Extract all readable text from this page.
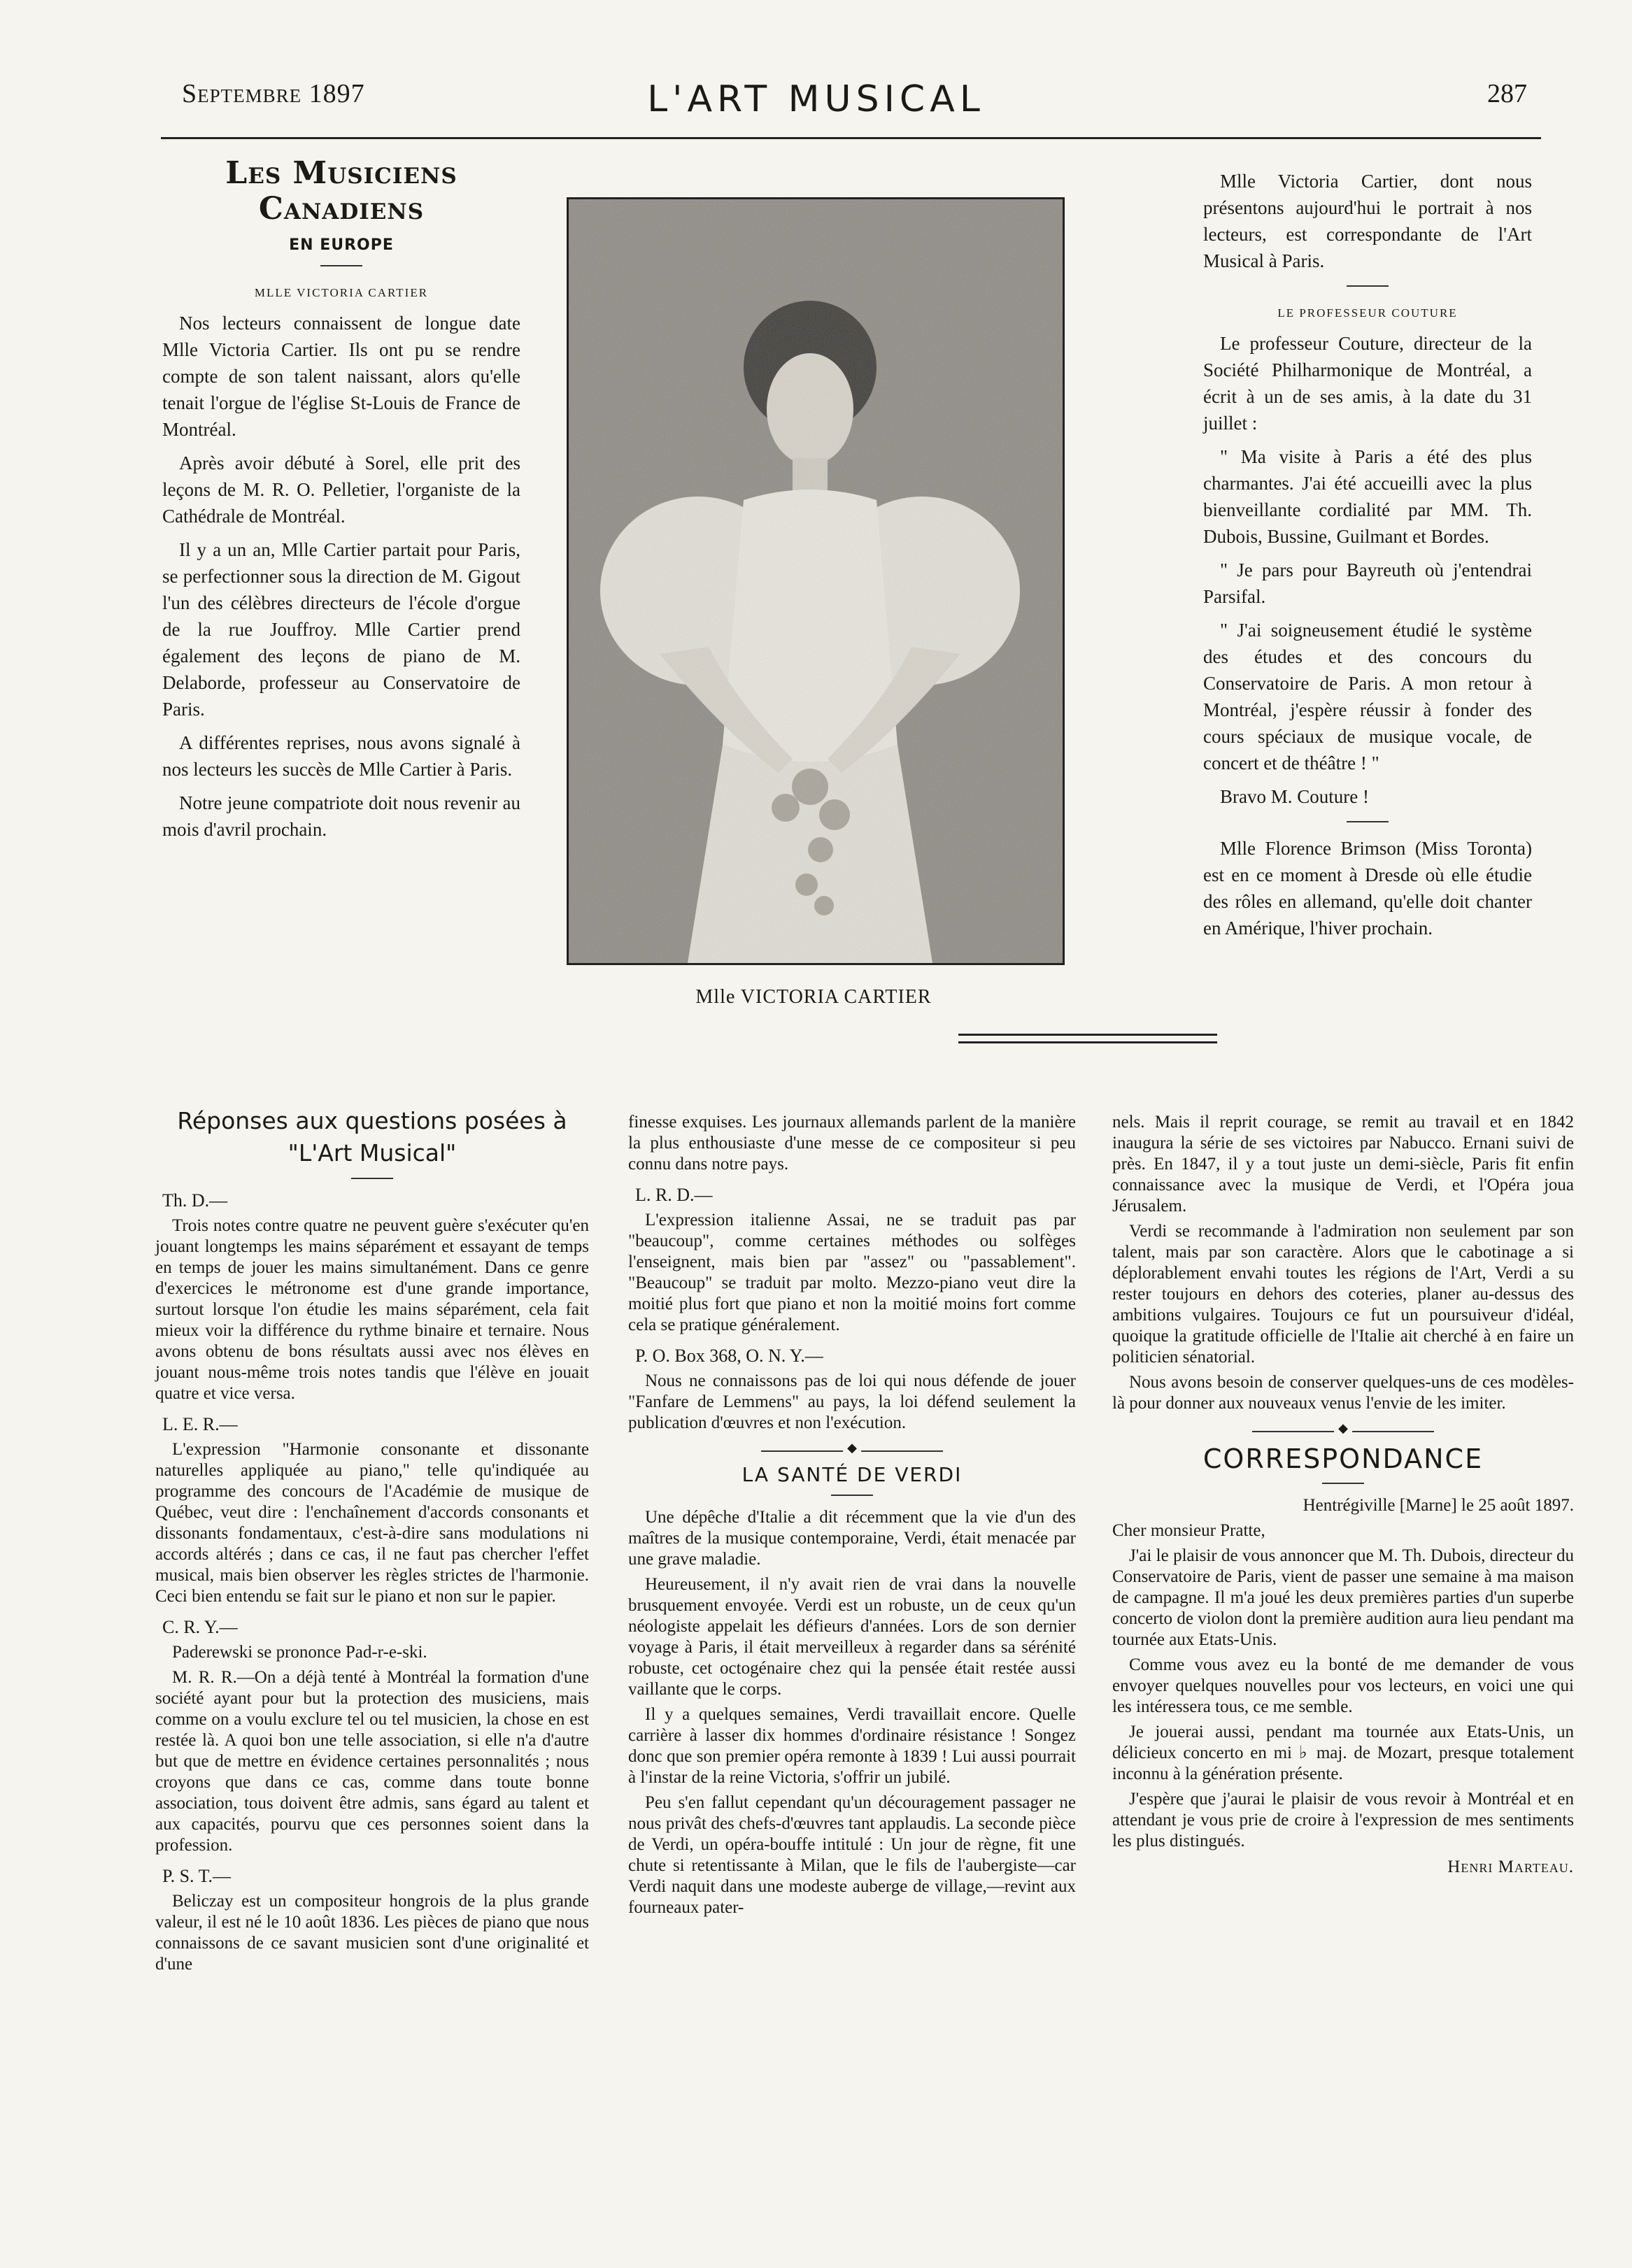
Septembre 1897	L'ART MUSICAL	287
Les Musiciens Canadiens
EN EUROPE
MLLE VICTORIA CARTIER

Nos lecteurs connaissent de longue date Mlle Victoria Cartier. Ils ont pu se rendre compte de son talent naissant, alors qu'elle tenait l'orgue de l'église St-Louis de France de Montréal.

Après avoir débuté à Sorel, elle prit des leçons de M. R. O. Pelletier, l'organiste de la Cathédrale de Montréal.

Il y a un an, Mlle Cartier partait pour Paris, se perfectionner sous la direction de M. Gigout l'un des célèbres directeurs de l'école d'orgue de la rue Jouffroy. Mlle Cartier prend également des leçons de piano de M. Delaborde, professeur au Conservatoire de Paris.

A différentes reprises, nous avons signalé à nos lecteurs les succès de Mlle Cartier à Paris.

Notre jeune compatriote doit nous revenir au mois d'avril prochain.

Mlle VICTORIA CARTIER

Mlle Victoria Cartier, dont nous présentons aujourd'hui le portrait à nos lecteurs, est correspondante de l'Art Musical à Paris.

LE PROFESSEUR COUTURE

Le professeur Couture, directeur de la Société Philharmonique de Montréal, a écrit à un de ses amis, à la date du 31 juillet :

" Ma visite à Paris a été des plus charmantes. J'ai été accueilli avec la plus bienveillante cordialité par MM. Th. Dubois, Bussine, Guilmant et Bordes.

" Je pars pour Bayreuth où j'entendrai Parsifal.

" J'ai soigneusement étudié le système des études et des concours du Conservatoire de Paris. A mon retour à Montréal, j'espère réussir à fonder des cours spéciaux de musique vocale, de concert et de théâtre ! "

Bravo M. Couture !

Mlle Florence Brimson (Miss Toronta) est en ce moment à Dresde où elle étudie des rôles en allemand, qu'elle doit chanter en Amérique, l'hiver prochain.

Réponses aux questions posées à "L'Art Musical"
Th. D.—

Trois notes contre quatre ne peuvent guère s'exécuter qu'en jouant longtemps les mains séparément et essayant de temps en temps de jouer les mains simultanément. Dans ce genre d'exercices le métronome est d'une grande importance, surtout lorsque l'on étudie les mains séparément, cela fait mieux voir la différence du rythme binaire et ternaire. Nous avons obtenu de bons résultats aussi avec nos élèves en jouant nous-même trois notes tandis que l'élève en jouait quatre et vice versa.

L. E. R.—

L'expression "Harmonie consonante et dissonante naturelles appliquée au piano," telle qu'indiquée au programme des concours de l'Académie de musique de Québec, veut dire : l'enchaînement d'accords consonants et dissonants fondamentaux, c'est-à-dire sans modulations ni accords altérés ; dans ce cas, il ne faut pas chercher l'effet musical, mais bien observer les règles strictes de l'harmonie. Ceci bien entendu se fait sur le piano et non sur le papier.

C. R. Y.—

Paderewski se prononce Pad-r-e-ski.

M. R. R.—On a déjà tenté à Montréal la formation d'une société ayant pour but la protection des musiciens, mais comme on a voulu exclure tel ou tel musicien, la chose en est restée là. A quoi bon une telle association, si elle n'a d'autre but que de mettre en évidence certaines personnalités ; nous croyons que dans ce cas, comme dans toute bonne association, tous doivent être admis, sans égard au talent et aux capacités, pourvu que ces personnes soient dans la profession.

P. S. T.—

Beliczay est un compositeur hongrois de la plus grande valeur, il est né le 10 août 1836. Les pièces de piano que nous connaissons de ce savant musicien sont d'une originalité et d'une

finesse exquises. Les journaux allemands parlent de la manière la plus enthousiaste d'une messe de ce compositeur si peu connu dans notre pays.

L. R. D.—

L'expression italienne Assai, ne se traduit pas par "beaucoup", comme certaines méthodes ou solfèges l'enseignent, mais bien par "assez" ou "passablement". "Beaucoup" se traduit par molto. Mezzo-piano veut dire la moitié plus fort que piano et non la moitié moins fort comme cela se pratique généralement.

P. O. Box 368, O. N. Y.—

Nous ne connaissons pas de loi qui nous défende de jouer "Fanfare de Lemmens" au pays, la loi défend seulement la publication d'œuvres et non l'exécution.

◆
LA SANTÉ DE VERDI

Une dépêche d'Italie a dit récemment que la vie d'un des maîtres de la musique contemporaine, Verdi, était menacée par une grave maladie.

Heureusement, il n'y avait rien de vrai dans la nouvelle brusquement envoyée. Verdi est un robuste, un de ceux qu'un néologiste appelait les défieurs d'années. Lors de son dernier voyage à Paris, il était merveilleux à regarder dans sa sérénité robuste, cet octogénaire chez qui la pensée était restée aussi vaillante que le corps.

Il y a quelques semaines, Verdi travaillait encore. Quelle carrière à lasser dix hommes d'ordinaire résistance ! Songez donc que son premier opéra remonte à 1839 ! Lui aussi pourrait à l'instar de la reine Victoria, s'offrir un jubilé.

Peu s'en fallut cependant qu'un découragement passager ne nous privât des chefs-d'œuvres tant applaudis. La seconde pièce de Verdi, un opéra-bouffe intitulé : Un jour de règne, fit une chute si retentissante à Milan, que le fils de l'aubergiste—car Verdi naquit dans une modeste auberge de village,—revint aux fourneaux pater-

nels. Mais il reprit courage, se remit au travail et en 1842 inaugura la série de ses victoires par Nabucco. Ernani suivi de près. En 1847, il y a tout juste un demi-siècle, Paris fit enfin connaissance avec la musique de Verdi, et l'Opéra joua Jérusalem.

Verdi se recommande à l'admiration non seulement par son talent, mais par son caractère. Alors que le cabotinage a si déplorablement envahi toutes les régions de l'Art, Verdi a su rester toujours en dehors des coteries, planer au-dessus des ambitions vulgaires. Toujours ce fut un poursuiveur d'idéal, quoique la gratitude officielle de l'Italie ait cherché à en faire un politicien sénatorial.

Nous avons besoin de conserver quelques-uns de ces modèles-là pour donner aux nouveaux venus l'envie de les imiter.

◆
CORRESPONDANCE

Hentrégiville [Marne] le 25 août 1897.

Cher monsieur Pratte,

J'ai le plaisir de vous annoncer que M. Th. Dubois, directeur du Conservatoire de Paris, vient de passer une semaine à ma maison de campagne. Il m'a joué les deux premières parties d'un superbe concerto de violon dont la première audition aura lieu pendant ma tournée aux Etats-Unis.

Comme vous avez eu la bonté de me demander de vous envoyer quelques nouvelles pour vos lecteurs, en voici une qui les intéressera tous, ce me semble.

Je jouerai aussi, pendant ma tournée aux Etats-Unis, un délicieux concerto en mi ♭ maj. de Mozart, presque totalement inconnu à la génération présente.

J'espère que j'aurai le plaisir de vous revoir à Montréal et en attendant je vous prie de croire à l'expression de mes sentiments les plus distingués.

Henri Marteau.
